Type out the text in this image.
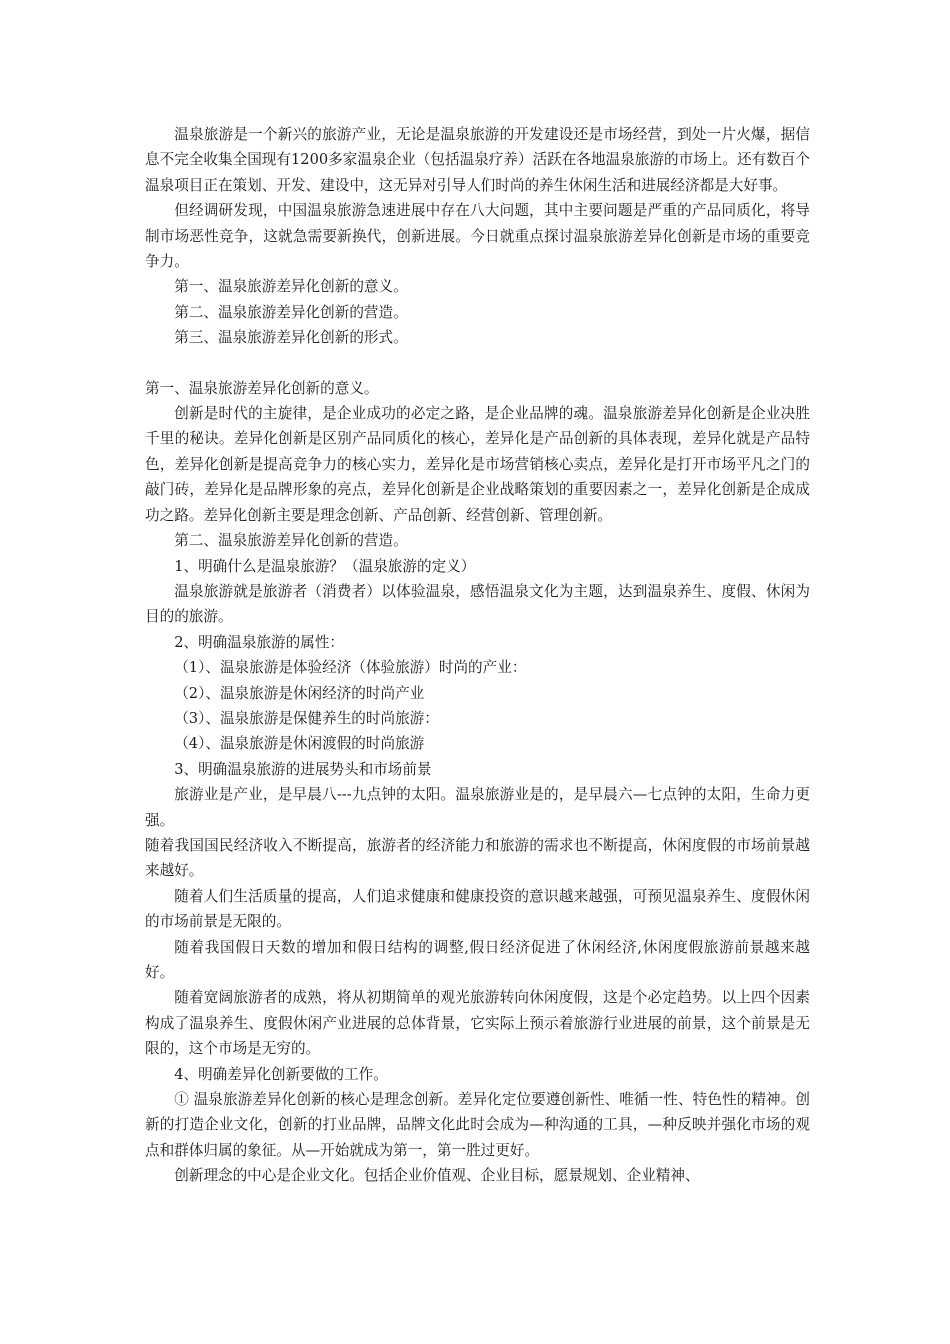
温泉旅游是一个新兴的旅游产业，无论是温泉旅游的开发建设还是市场经营，到处一片火爆，据信息不完全收集全国现有1200多家温泉企业（包括温泉疗养）活跃在各地温泉旅游的市场上。还有数百个温泉项目正在策划、开发、建设中，这无异对引导人们时尚的养生休闲生活和进展经济都是大好事。

但经调研发现，中国温泉旅游急速进展中存在八大问题，其中主要问题是严重的产品同质化，将导制市场恶性竞争，这就急需要新换代，创新进展。今日就重点探讨温泉旅游差异化创新是市场的重要竞争力。

第一、温泉旅游差异化创新的意义。

第二、温泉旅游差异化创新的营造。

第三、温泉旅游差异化创新的形式。

第一、温泉旅游差异化创新的意义。

创新是时代的主旋律，是企业成功的必定之路，是企业品牌的魂。温泉旅游差异化创新是企业决胜千里的秘诀。差异化创新是区别产品同质化的核心，差异化是产品创新的具体表现，差异化就是产品特色，差异化创新是提高竞争力的核心实力，差异化是市场营销核心卖点，差异化是打开市场平凡之门的敲门砖，差异化是品牌形象的亮点，差异化创新是企业战略策划的重要因素之一，差异化创新是企成成功之路。差异化创新主要是理念创新、产品创新、经营创新、管理创新。

第二、温泉旅游差异化创新的营造。

1、明确什么是温泉旅游？（温泉旅游的定义）

温泉旅游就是旅游者（消费者）以体验温泉，感悟温泉文化为主题，达到温泉养生、度假、休闲为目的的旅游。

2、明确温泉旅游的属性：

（1）、温泉旅游是体验经济（体验旅游）时尚的产业：

（2）、温泉旅游是休闲经济的时尚产业

（3）、温泉旅游是保健养生的时尚旅游：

（4）、温泉旅游是休闲渡假的时尚旅游

3、明确温泉旅游的进展势头和市场前景

旅游业是产业，是早晨八---九点钟的太阳。温泉旅游业是的，是早晨六—七点钟的太阳，生命力更强。

随着我国国民经济收入不断提高，旅游者的经济能力和旅游的需求也不断提高，休闲度假的市场前景越来越好。

随着人们生活质量的提高，人们追求健康和健康投资的意识越来越强，可预见温泉养生、度假休闲的市场前景是无限的。

随着我国假日天数的增加和假日结构的调整,假日经济促进了休闲经济,休闲度假旅游前景越来越好。

随着宽阔旅游者的成熟，将从初期简单的观光旅游转向休闲度假，这是个必定趋势。以上四个因素构成了温泉养生、度假休闲产业进展的总体背景，它实际上预示着旅游行业进展的前景，这个前景是无限的，这个市场是无穷的。

4、明确差异化创新要做的工作。

① 温泉旅游差异化创新的核心是理念创新。差异化定位要遵创新性、唯循一性、特色性的精神。创新的打造企业文化，创新的打业品牌，品牌文化此时会成为—种沟通的工具，—种反映并强化市场的观点和群体归属的象征。从—开始就成为第一，第一胜过更好。

创新理念的中心是企业文化。包括企业价值观、企业目标，愿景规划、企业精神、
